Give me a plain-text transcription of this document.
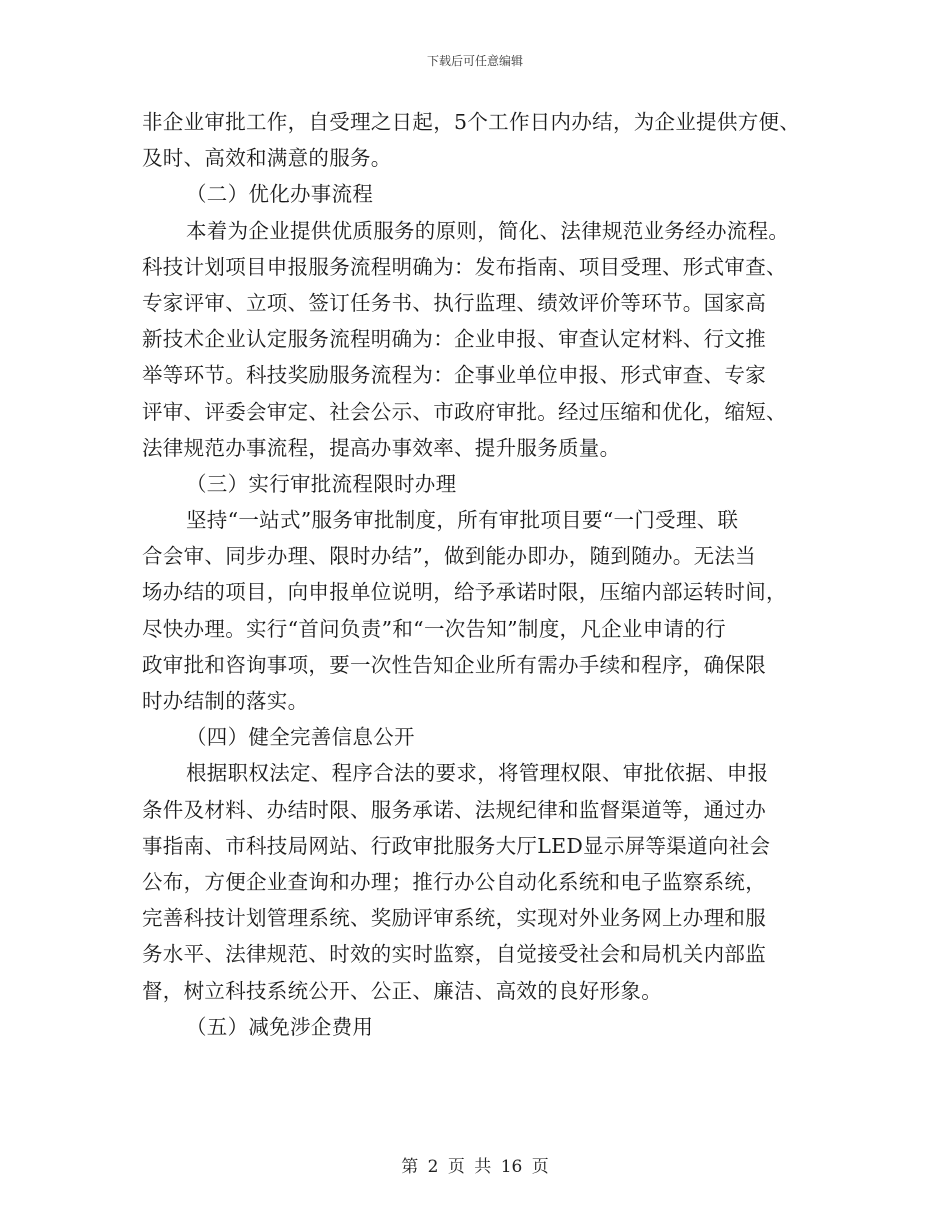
下载后可任意编辑
非企业审批工作，自受理之日起，5个工作日内办结，为企业提供方便、
及时、高效和满意的服务。
（二）优化办事流程
本着为企业提供优质服务的原则，简化、法律规范业务经办流程。
科技计划项目申报服务流程明确为：发布指南、项目受理、形式审查、
专家评审、立项、签订任务书、执行监理、绩效评价等环节。国家高
新技术企业认定服务流程明确为：企业申报、审查认定材料、行文推
举等环节。科技奖励服务流程为：企事业单位申报、形式审查、专家
评审、评委会审定、社会公示、市政府审批。经过压缩和优化，缩短、
法律规范办事流程，提高办事效率、提升服务质量。
（三）实行审批流程限时办理
坚持“一站式”服务审批制度，所有审批项目要“一门受理、联
合会审、同步办理、限时办结”，做到能办即办，随到随办。无法当
场办结的项目，向申报单位说明，给予承诺时限，压缩内部运转时间，
尽快办理。实行“首问负责”和“一次告知”制度，凡企业申请的行
政审批和咨询事项，要一次性告知企业所有需办手续和程序，确保限
时办结制的落实。
（四）健全完善信息公开
根据职权法定、程序合法的要求，将管理权限、审批依据、申报
条件及材料、办结时限、服务承诺、法规纪律和监督渠道等，通过办
事指南、市科技局网站、行政审批服务大厅LED显示屏等渠道向社会
公布，方便企业查询和办理；推行办公自动化系统和电子监察系统，
完善科技计划管理系统、奖励评审系统，实现对外业务网上办理和服
务水平、法律规范、时效的实时监察，自觉接受社会和局机关内部监
督，树立科技系统公开、公正、廉洁、高效的良好形象。
（五）减免涉企费用
第 2 页 共 16 页
